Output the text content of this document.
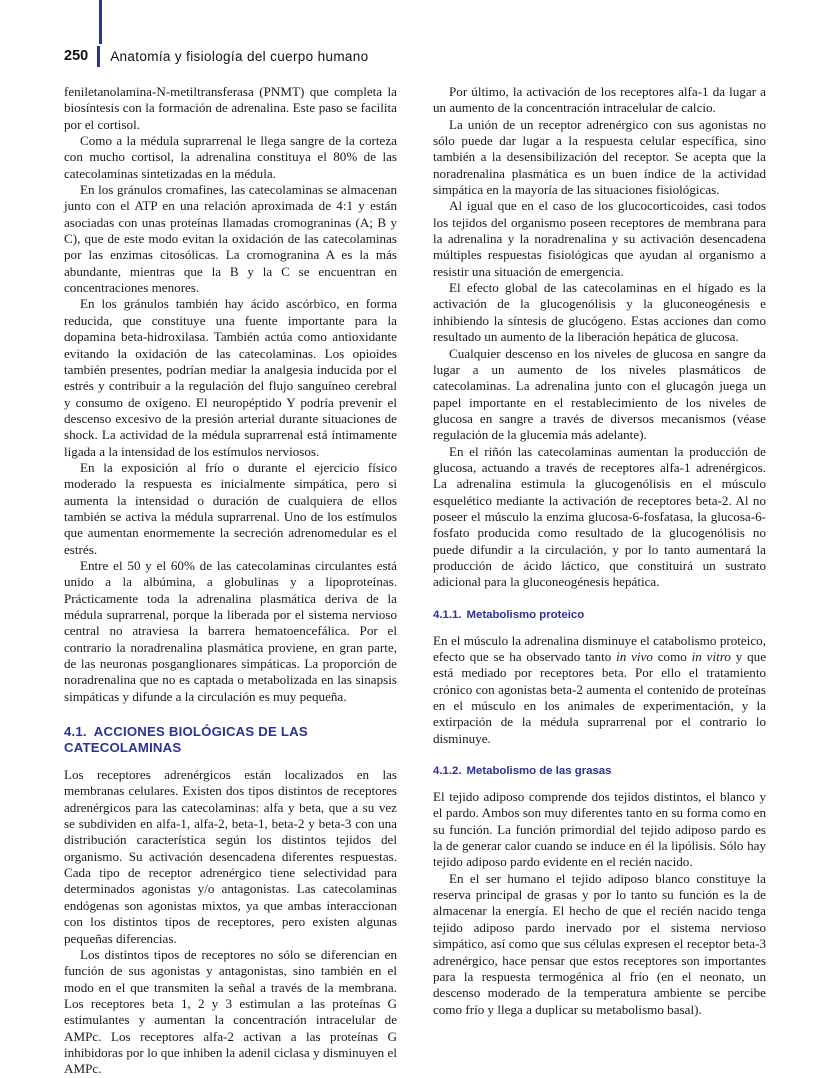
250 Anatomía y fisiología del cuerpo humano

feniletanolamina-N-metiltransferasa (PNMT) que completa la biosíntesis con la formación de adrenalina. Este paso se facilita por el cortisol.

Como a la médula suprarrenal le llega sangre de la corteza con mucho cortisol, la adrenalina constituya el 80% de las catecolaminas sintetizadas en la médula.

En los gránulos cromafines, las catecolaminas se almacenan junto con el ATP en una relación aproximada de 4:1 y están asociadas con unas proteínas llamadas cromograninas (A; B y C), que de este modo evitan la oxidación de las catecolaminas por las enzimas citosólicas. La cromogranina A es la más abundante, mientras que la B y la C se encuentran en concentraciones menores.

En los gránulos también hay ácido ascórbico, en forma reducida, que constituye una fuente importante para la dopamina beta-hidroxilasa. También actúa como antioxidante evitando la oxidación de las catecolaminas. Los opioides también presentes, podrían mediar la analgesia inducida por el estrés y contribuir a la regulación del flujo sanguíneo cerebral y consumo de oxígeno. El neuropéptido Y podría prevenir el descenso excesivo de la presión arterial durante situaciones de shock. La actividad de la médula suprarrenal está íntimamente ligada a la intensidad de los estímulos nerviosos.

En la exposición al frío o durante el ejercicio físico moderado la respuesta es inicialmente simpática, pero si aumenta la intensidad o duración de cualquiera de ellos también se activa la médula suprarrenal. Uno de los estímulos que aumentan enormemente la secreción adrenomedular es el estrés.

Entre el 50 y el 60% de las catecolaminas circulantes está unido a la albúmina, a globulinas y a lipoproteínas. Prácticamente toda la adrenalina plasmática deriva de la médula suprarrenal, porque la liberada por el sistema nervioso central no atraviesa la barrera hematoencefálica. Por el contrario la noradrenalina plasmática proviene, en gran parte, de las neuronas posganglionares simpáticas. La proporción de noradrenalina que no es captada o metabolizada en las sinapsis simpáticas y difunde a la circulación es muy pequeña.

4.1. ACCIONES BIOLÓGICAS DE LAS CATECOLAMINAS

Los receptores adrenérgicos están localizados en las membranas celulares. Existen dos tipos distintos de receptores adrenérgicos para las catecolaminas: alfa y beta, que a su vez se subdividen en alfa-1, alfa-2, beta-1, beta-2 y beta-3 con una distribución característica según los distintos tejidos del organismo. Su activación desencadena diferentes respuestas. Cada tipo de receptor adrenérgico tiene selectividad para determinados agonistas y/o antagonistas. Las catecolaminas endógenas son agonistas mixtos, ya que ambas interaccionan con los distintos tipos de receptores, pero existen algunas pequeñas diferencias.

Los distintos tipos de receptores no sólo se diferencian en función de sus agonistas y antagonistas, sino también en el modo en el que transmiten la señal a través de la membrana. Los receptores beta 1, 2 y 3 estimulan a las proteínas G estimulantes y aumentan la concentración intracelular de AMPc. Los receptores alfa-2 activan a las proteínas G inhibidoras por lo que inhiben la adenil ciclasa y disminuyen el AMPc.

Por último, la activación de los receptores alfa-1 da lugar a un aumento de la concentración intracelular de calcio.

La unión de un receptor adrenérgico con sus agonistas no sólo puede dar lugar a la respuesta celular específica, sino también a la desensibilización del receptor. Se acepta que la noradrenalina plasmática es un buen índice de la actividad simpática en la mayoría de las situaciones fisiológicas.

Al igual que en el caso de los glucocorticoides, casi todos los tejidos del organismo poseen receptores de membrana para la adrenalina y la noradrenalina y su activación desencadena múltiples respuestas fisiológicas que ayudan al organismo a resistir una situación de emergencia.

El efecto global de las catecolaminas en el hígado es la activación de la glucogenólisis y la gluconeogénesis e inhibiendo la síntesis de glucógeno. Estas acciones dan como resultado un aumento de la liberación hepática de glucosa.

Cualquier descenso en los niveles de glucosa en sangre da lugar a un aumento de los niveles plasmáticos de catecolaminas. La adrenalina junto con el glucagón juega un papel importante en el restablecimiento de los niveles de glucosa en sangre a través de diversos mecanismos (véase regulación de la glucemia más adelante).

En el riñón las catecolaminas aumentan la producción de glucosa, actuando a través de receptores alfa-1 adrenérgicos. La adrenalina estimula la glucogenólisis en el músculo esquelético mediante la activación de receptores beta-2. Al no poseer el músculo la enzima glucosa-6-fosfatasa, la glucosa-6-fosfato producida como resultado de la glucogenólisis no puede difundir a la circulación, y por lo tanto aumentará la producción de ácido láctico, que constituirá un sustrato adicional para la gluconeogénesis hepática.

4.1.1. Metabolismo proteico

En el músculo la adrenalina disminuye el catabolismo proteico, efecto que se ha observado tanto in vivo como in vitro y que está mediado por receptores beta. Por ello el tratamiento crónico con agonistas beta-2 aumenta el contenido de proteínas en el músculo en los animales de experimentación, y la extirpación de la médula suprarrenal por el contrario lo disminuye.

4.1.2. Metabolismo de las grasas

El tejido adiposo comprende dos tejidos distintos, el blanco y el pardo. Ambos son muy diferentes tanto en su forma como en su función. La función primordial del tejido adiposo pardo es la de generar calor cuando se induce en él la lipólisis. Sólo hay tejido adiposo pardo evidente en el recién nacido.

En el ser humano el tejido adiposo blanco constituye la reserva principal de grasas y por lo tanto su función es la de almacenar la energía. El hecho de que el recién nacido tenga tejido adiposo pardo inervado por el sistema nervioso simpático, así como que sus células expresen el receptor beta-3 adrenérgico, hace pensar que estos receptores son importantes para la respuesta termogénica al frío (en el neonato, un descenso moderado de la temperatura ambiente se percibe como frío y llega a duplicar su metabolismo basal).
